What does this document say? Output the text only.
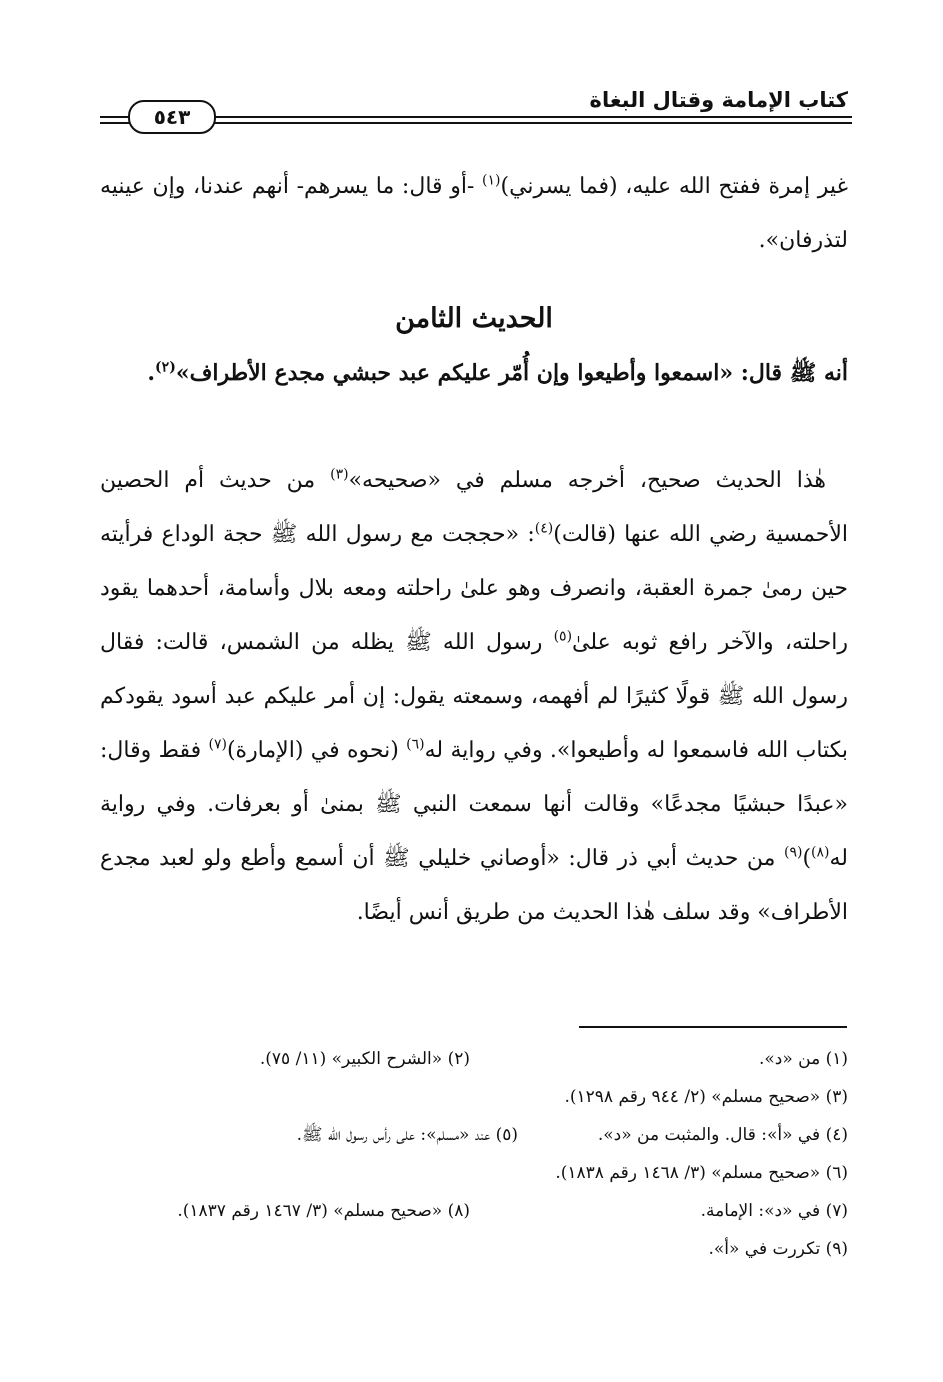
كتاب الإمامة وقتال البغاة
٥٤٣
غير إمرة ففتح الله عليه، (فما يسرني)$^{(١)}$ -أو قال: ما يسرهم- أنهم عندنا، وإن عينيه لتذرفان».
الحديث الثامن
أنه ﷺ قال: «اسمعوا وأطيعوا وإن أُمّر عليكم عبد حبشي مجدع الأطراف»$^{(٢)}$.
هٰذا الحديث صحيح، أخرجه مسلم في «صحيحه»$^{(٣)}$ من حديث أم الحصين الأحمسية رضي الله عنها (قالت)$^{(٤)}$: «حججت مع رسول الله ﷺ حجة الوداع فرأيته حين رمىٰ جمرة العقبة، وانصرف وهو علىٰ راحلته ومعه بلال وأسامة، أحدهما يقود راحلته، والآخر رافع ثوبه علىٰ$^{(٥)}$ رسول الله ﷺ يظله من الشمس، قالت: فقال رسول الله ﷺ قولًا كثيرًا لم أفهمه، وسمعته يقول: إن أمر عليكم عبد أسود يقودكم بكتاب الله فاسمعوا له وأطيعوا». وفي رواية له$^{(٦)}$ (نحوه في (الإمارة)$^{(٧)}$ فقط وقال: «عبدًا حبشيًا مجدعًا» وقالت أنها سمعت النبي ﷺ بمنىٰ أو بعرفات. وفي رواية له$^{(٨)}$)$^{(٩)}$ من حديث أبي ذر قال: «أوصاني خليلي ﷺ أن أسمع وأطع ولو لعبد مجدع الأطراف» وقد سلف هٰذا الحديث من طريق أنس أيضًا.
(١) من «د».
(٢) «الشرح الكبير» (١١/ ٧٥).
(٣) «صحيح مسلم» (٢/ ٩٤٤ رقم ١٢٩٨).
(٤) في «أ»: قال. والمثبت من «د».
(٥) عند «مسلم»: على رأس رسول الله ﷺ.
(٦) «صحيح مسلم» (٣/ ١٤٦٨ رقم ١٨٣٨).
(٧) في «د»: الإمامة.
(٨) «صحيح مسلم» (٣/ ١٤٦٧ رقم ١٨٣٧).
(٩) تكررت في «أ».
